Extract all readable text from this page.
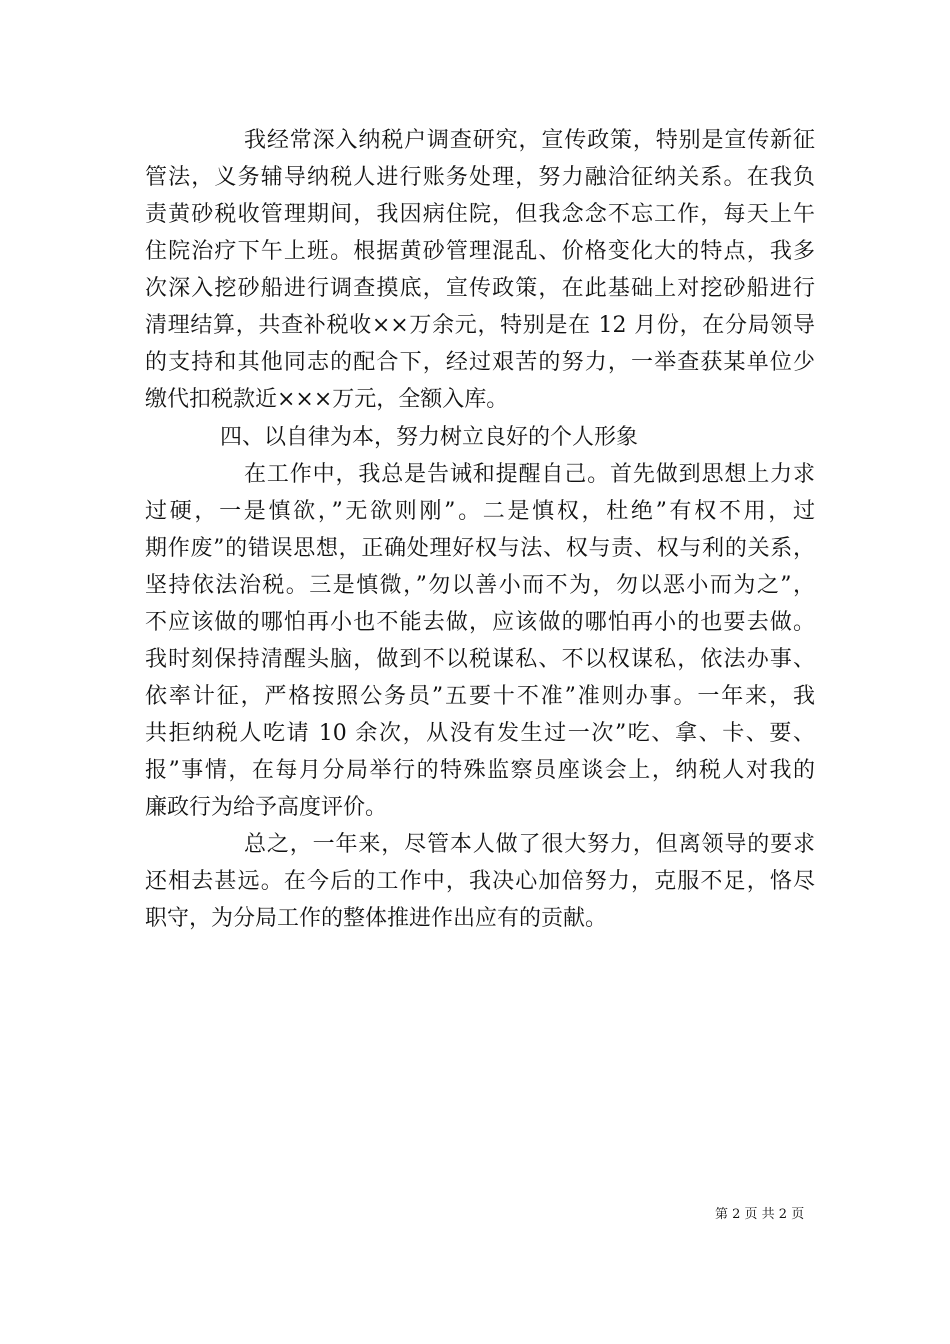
我经常深入纳税户调查研究，宣传政策，特别是宣传新征
管法，义务辅导纳税人进行账务处理，努力融洽征纳关系。在我负
责黄砂税收管理期间，我因病住院，但我念念不忘工作，每天上午
住院治疗下午上班。根据黄砂管理混乱、价格变化大的特点，我多
次深入挖砂船进行调查摸底，宣传政策，在此基础上对挖砂船进行
清理结算，共查补税收××万余元，特别是在 12 月份，在分局领导
的支持和其他同志的配合下，经过艰苦的努力，一举查获某单位少
缴代扣税款近×××万元，全额入库。
四、以自律为本，努力树立良好的个人形象
在工作中，我总是告诫和提醒自己。首先做到思想上力求
过硬，一是慎欲，”无欲则刚”。二是慎权，杜绝”有权不用，过
期作废”的错误思想，正确处理好权与法、权与责、权与利的关系，
坚持依法治税。三是慎微，”勿以善小而不为，勿以恶小而为之”，
不应该做的哪怕再小也不能去做，应该做的哪怕再小的也要去做。
我时刻保持清醒头脑，做到不以税谋私、不以权谋私，依法办事、
依率计征，严格按照公务员”五要十不准”准则办事。一年来，我
共拒纳税人吃请 10 余次，从没有发生过一次”吃、拿、卡、要、
报”事情，在每月分局举行的特殊监察员座谈会上，纳税人对我的
廉政行为给予高度评价。
总之，一年来，尽管本人做了很大努力，但离领导的要求
还相去甚远。在今后的工作中，我决心加倍努力，克服不足，恪尽
职守，为分局工作的整体推进作出应有的贡献。
第 2 页 共 2 页
